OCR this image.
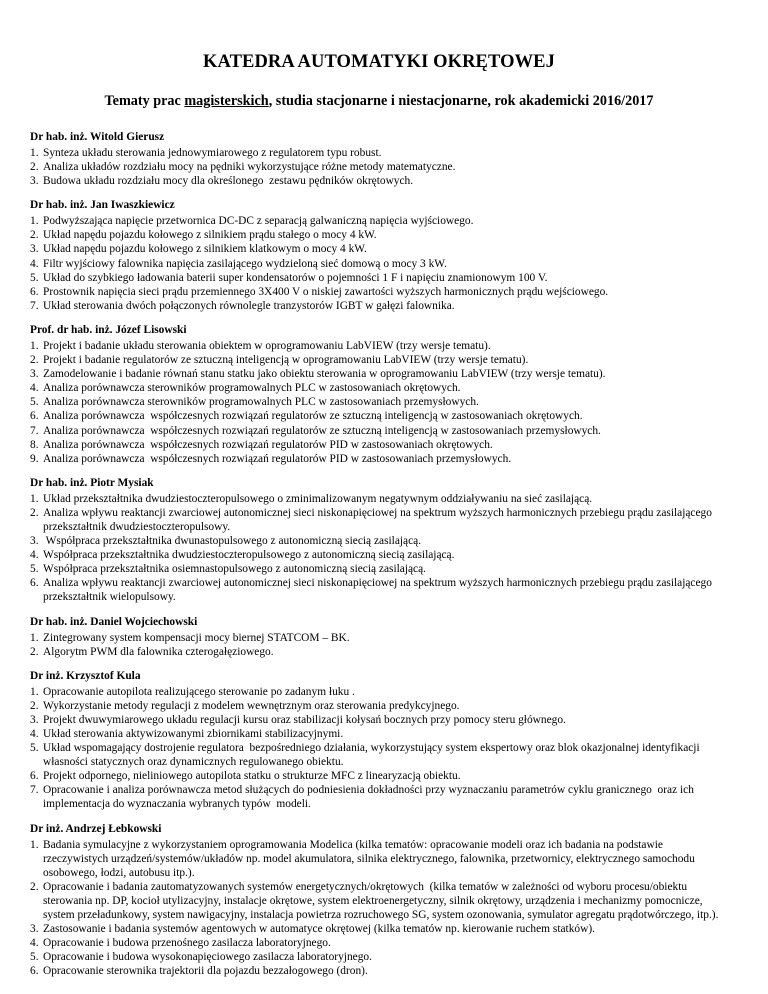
KATEDRA AUTOMATYKI OKRĘTOWEJ
Tematy prac magisterskich, studia stacjonarne i niestacjonarne, rok akademicki 2016/2017
Dr hab. inż. Witold Gierusz
1. Synteza układu sterowania jednowymiarowego z regulatorem typu robust.
2. Analiza układów rozdziału mocy na pędniki wykorzystujące różne metody matematyczne.
3. Budowa układu rozdziału mocy dla określonego  zestawu pędników okrętowych.
Dr hab. inż. Jan Iwaszkiewicz
1. Podwyższająca napięcie przetwornica DC-DC z separacją galwaniczną napięcia wyjściowego.
2. Układ napędu pojazdu kołowego z silnikiem prądu stałego o mocy 4 kW.
3. Układ napędu pojazdu kołowego z silnikiem klatkowym o mocy 4 kW.
4. Filtr wyjściowy falownika napięcia zasilającego wydzieloną sieć domową o mocy 3 kW.
5. Układ do szybkiego ładowania baterii super kondensatorów o pojemności 1 F i napięciu znamionowym 100 V.
6. Prostownik napięcia sieci prądu przemiennego 3X400 V o niskiej zawartości wyższych harmonicznych prądu wejściowego.
7. Układ sterowania dwóch połączonych równolegle tranzystorów IGBT w gałęzi falownika.
Prof. dr hab. inż. Józef Lisowski
1. Projekt i badanie układu sterowania obiektem w oprogramowaniu LabVIEW (trzy wersje tematu).
2. Projekt i badanie regulatorów ze sztuczną inteligencją w oprogramowaniu LabVIEW (trzy wersje tematu).
3. Zamodelowanie i badanie równań stanu statku jako obiektu sterowania w oprogramowaniu LabVIEW (trzy wersje tematu).
4. Analiza porównawcza sterowników programowalnych PLC w zastosowaniach okrętowych.
5. Analiza porównawcza sterowników programowalnych PLC w zastosowaniach przemysłowych.
6. Analiza porównawcza  współczesnych rozwiązań regulatorów ze sztuczną inteligencją w zastosowaniach okrętowych.
7. Analiza porównawcza  współczesnych rozwiązań regulatorów ze sztuczną inteligencją w zastosowaniach przemysłowych.
8. Analiza porównawcza  współczesnych rozwiązań regulatorów PID w zastosowaniach okrętowych.
9. Analiza porównawcza  współczesnych rozwiązań regulatorów PID w zastosowaniach przemysłowych.
Dr hab. inż. Piotr Mysiak
1. Układ przekształtnika dwudziestoczteropulsowego o zminimalizowanym negatywnym oddziaływaniu na sieć zasilającą.
2. Analiza wpływu reaktancji zwarciowej autonomicznej sieci niskonapięciowej na spektrum wyższych harmonicznych przebiegu prądu zasilającego przekształtnik dwudziestoczteropulsowy.
3. Współpraca przekształtnika dwunastopulsowego z autonomiczną siecią zasilającą.
4. Współpraca przekształtnika dwudziestoczteropulsowego z autonomiczną siecią zasilającą.
5. Współpraca przekształtnika osiemnastopulsowego z autonomiczną siecią zasilającą.
6. Analiza wpływu reaktancji zwarciowej autonomicznej sieci niskonapięciowej na spektrum wyższych harmonicznych przebiegu prądu zasilającego przekształtnik wielopulsowy.
Dr hab. inż. Daniel Wojciechowski
1. Zintegrowany system kompensacji mocy biernej STATCOM – BK.
2. Algorytm PWM dla falownika czterogałęziowego.
Dr inż. Krzysztof Kula
1. Opracowanie autopilota realizującego sterowanie po zadanym łuku .
2. Wykorzystanie metody regulacji z modelem wewnętrznym oraz sterowania predykcyjnego.
3. Projekt dwuwymiarowego układu regulacji kursu oraz stabilizacji kołysań bocznych przy pomocy steru głównego.
4. Układ sterowania aktywizowanymi zbiornikami stabilizacyjnymi.
5. Układ wspomagający dostrojenie regulatora  bezpośredniego działania, wykorzystujący system ekspertowy oraz blok okazjonalnej identyfikacji własności statycznych oraz dynamicznych regulowanego obiektu.
6. Projekt odpornego, nieliniowego autopilota statku o strukturze MFC z linearyzacją obiektu.
7. Opracowanie i analiza porównawcza metod służących do podniesienia dokładności przy wyznaczaniu parametrów cyklu granicznego  oraz ich implementacja do wyznaczania wybranych typów  modeli.
Dr inż. Andrzej Łebkowski
1. Badania symulacyjne z wykorzystaniem oprogramowania Modelica (kilka tematów: opracowanie modeli oraz ich badania na podstawie rzeczywistych urządzeń/systemów/układów np. model akumulatora, silnika elektrycznego, falownika, przetwornicy, elektrycznego samochodu osobowego, łodzi, autobusu itp.).
2. Opracowanie i badania zautomatyzowanych systemów energetycznych/okrętowych  (kilka tematów w zależności od wyboru procesu/obiektu sterowania np. DP, kocioł utylizacyjny, instalacje okrętowe, system elektroenergetyczny, silnik okrętowy, urządzenia i mechanizmy pomocnicze, system przeładunkowy, system nawigacyjny, instalacja powietrza rozruchowego SG, system ozonowania, symulator agregatu prądotwórczego, itp.).
3. Zastosowanie i badania systemów agentowych w automatyce okrętowej (kilka tematów np. kierowanie ruchem statków).
4. Opracowanie i budowa przenośnego zasilacza laboratoryjnego.
5. Opracowanie i budowa wysokonapięciowego zasilacza laboratoryjnego.
6. Opracowanie sterownika trajektorii dla pojazdu bezzałogowego (dron).
